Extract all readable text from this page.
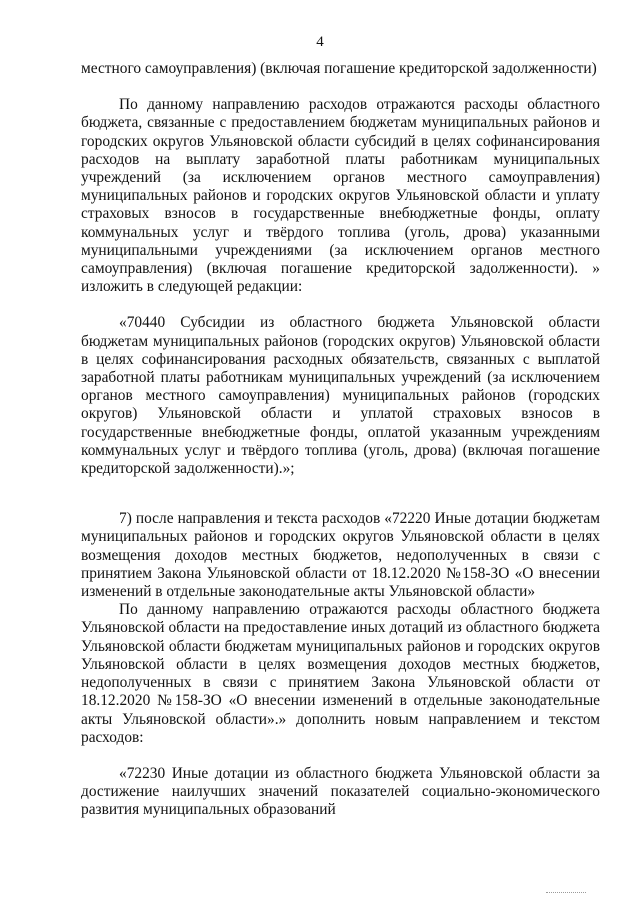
4

местного самоуправления) (включая погашение кредиторской задолженности)

По данному направлению расходов отражаются расходы областного бюджета, связанные с предоставлением бюджетам муниципальных районов и городских округов Ульяновской области субсидий в целях софинансирования расходов на выплату заработной платы работникам муниципальных учреждений (за исключением органов местного самоуправления) муниципальных районов и городских округов Ульяновской области и уплату страховых взносов в государственные внебюджетные фонды, оплату коммунальных услуг и твёрдого топлива (уголь, дрова) указанными муниципальными учреждениями (за исключением органов местного самоуправления) (включая погашение кредиторской задолженности). » изложить в следующей редакции:

«70440 Субсидии из областного бюджета Ульяновской области бюджетам муниципальных районов (городских округов) Ульяновской области в целях софинансирования расходных обязательств, связанных с выплатой заработной платы работникам муниципальных учреждений (за исключением органов местного самоуправления) муниципальных районов (городских округов) Ульяновской области и уплатой страховых взносов в государственные внебюджетные фонды, оплатой указанным учреждениям коммунальных услуг и твёрдого топлива (уголь, дрова) (включая погашение кредиторской задолженности).»;

7) после направления и текста расходов «72220 Иные дотации бюджетам муниципальных районов и городских округов Ульяновской области в целях возмещения доходов местных бюджетов, недополученных в связи с принятием Закона Ульяновской области от 18.12.2020 №158-ЗО «О внесении изменений в отдельные законодательные акты Ульяновской области»

По данному направлению отражаются расходы областного бюджета Ульяновской области на предоставление иных дотаций из областного бюджета Ульяновской области бюджетам муниципальных районов и городских округов Ульяновской области в целях возмещения доходов местных бюджетов, недополученных в связи с принятием Закона Ульяновской области от 18.12.2020 №158-ЗО «О внесении изменений в отдельные законодательные акты Ульяновской области».» дополнить новым направлением и текстом расходов:

«72230 Иные дотации из областного бюджета Ульяновской области за достижение наилучших значений показателей социально-экономического развития муниципальных образований
